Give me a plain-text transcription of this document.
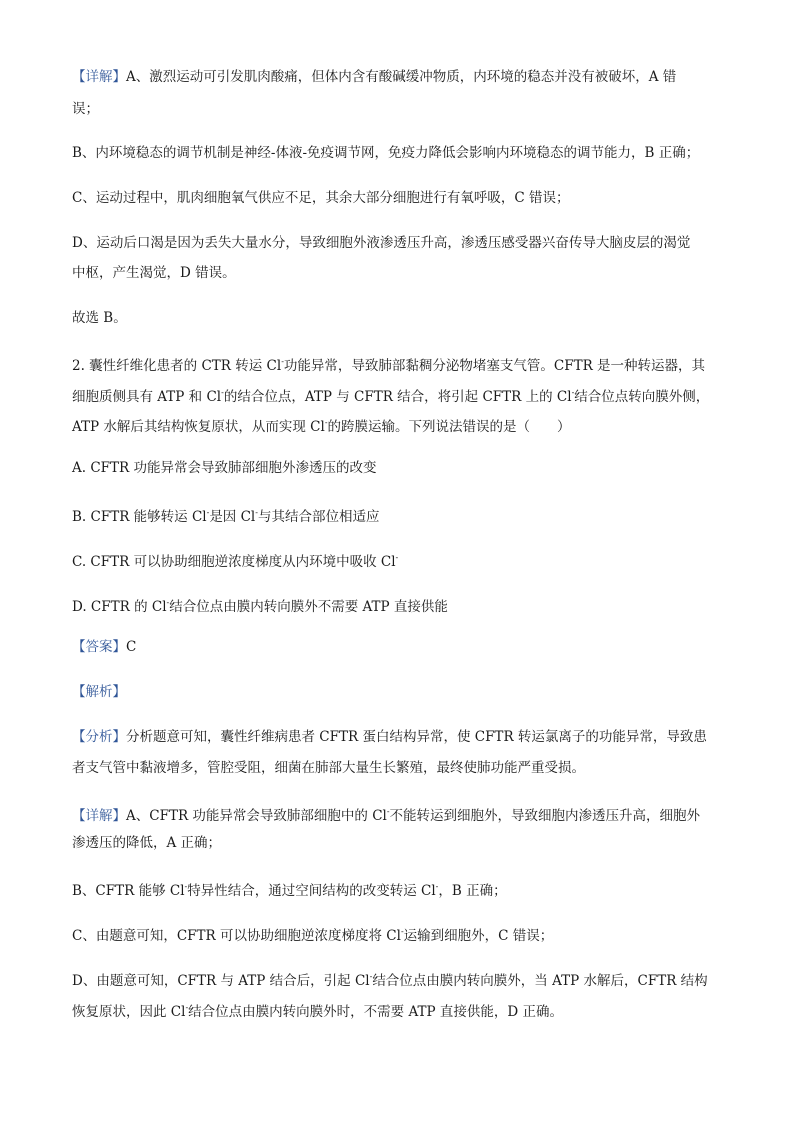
【详解】A、激烈运动可引发肌肉酸痛，但体内含有酸碱缓冲物质，内环境的稳态并没有被破坏，A 错
误；
B、内环境稳态的调节机制是神经-体液-免疫调节网，免疫力降低会影响内环境稳态的调节能力，B 正确；
C、运动过程中，肌肉细胞氧气供应不足，其余大部分细胞进行有氧呼吸，C 错误；
D、运动后口渴是因为丢失大量水分，导致细胞外液渗透压升高，渗透压感受器兴奋传导大脑皮层的渴觉
中枢，产生渴觉，D 错误。
故选 B。
2. 囊性纤维化患者的 CTR 转运 Cl-功能异常，导致肺部黏稠分泌物堵塞支气管。CFTR 是一种转运器，其
细胞质侧具有 ATP 和 Cl-的结合位点，ATP 与 CFTR 结合，将引起 CFTR 上的 Cl-结合位点转向膜外侧，
ATP 水解后其结构恢复原状，从而实现 Cl-的跨膜运输。下列说法错误的是（　　）
A. CFTR 功能异常会导致肺部细胞外渗透压的改变
B. CFTR 能够转运 Cl-是因 Cl-与其结合部位相适应
C. CFTR 可以协助细胞逆浓度梯度从内环境中吸收 Cl-
D. CFTR 的 Cl-结合位点由膜内转向膜外不需要 ATP 直接供能
【答案】C
【解析】
【分析】分析题意可知，囊性纤维病患者 CFTR 蛋白结构异常，使 CFTR 转运氯离子的功能异常，导致患
者支气管中黏液增多，管腔受阻，细菌在肺部大量生长繁殖，最终使肺功能严重受损。
【详解】A、CFTR 功能异常会导致肺部细胞中的 Cl-不能转运到细胞外，导致细胞内渗透压升高，细胞外
渗透压的降低，A 正确；
B、CFTR 能够 Cl-特异性结合，通过空间结构的改变转运 Cl-，B 正确；
C、由题意可知，CFTR 可以协助细胞逆浓度梯度将 Cl-运输到细胞外，C 错误；
D、由题意可知，CFTR 与 ATP 结合后，引起 Cl-结合位点由膜内转向膜外，当 ATP 水解后，CFTR 结构
恢复原状，因此 Cl-结合位点由膜内转向膜外时，不需要 ATP 直接供能，D 正确。
